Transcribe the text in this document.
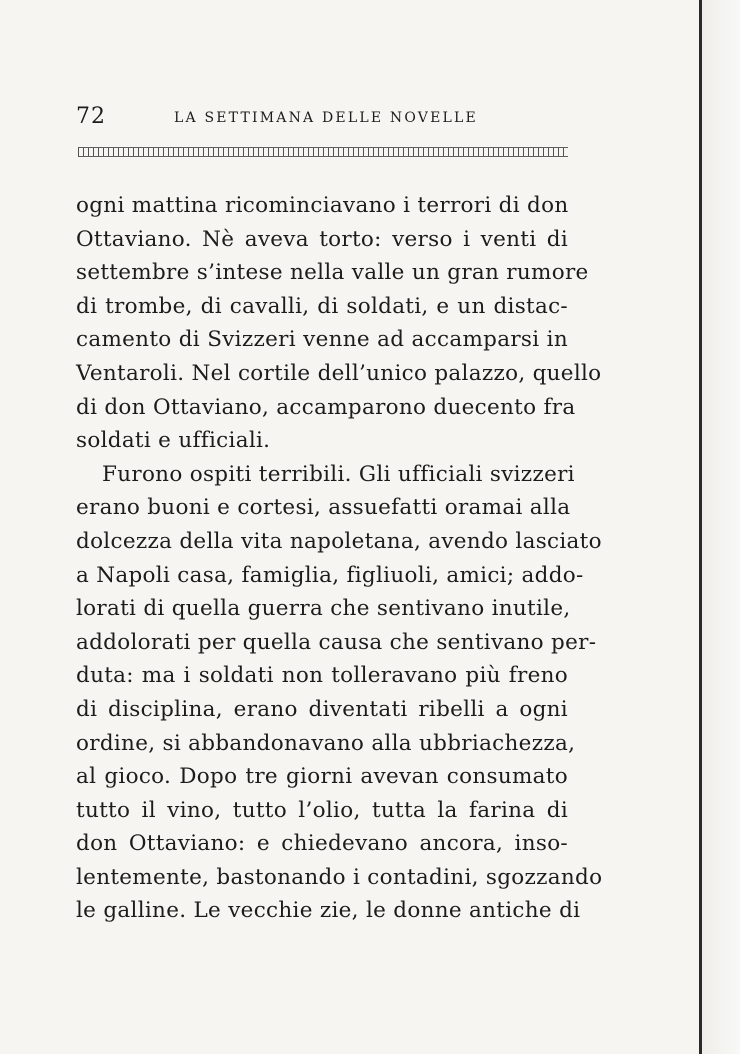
72	LA SETTIMANA DELLE NOVELLE
ogni mattina ricominciavano i terrori di don
Ottaviano. Nè aveva torto: verso i venti di
settembre s’intese nella valle un gran rumore
di trombe, di cavalli, di soldati, e un distac-
camento di Svizzeri venne ad accamparsi in
Ventaroli. Nel cortile dell’unico palazzo, quello
di don Ottaviano, accamparono duecento fra
soldati e ufficiali.
Furono ospiti terribili. Gli ufficiali svizzeri
erano buoni e cortesi, assuefatti oramai alla
dolcezza della vita napoletana, avendo lasciato
a Napoli casa, famiglia, figliuoli, amici; addo-
lorati di quella guerra che sentivano inutile,
addolorati per quella causa che sentivano per-
duta: ma i soldati non tolleravano più freno
di disciplina, erano diventati ribelli a ogni
ordine, si abbandonavano alla ubbriachezza,
al gioco. Dopo tre giorni avevan consumato
tutto il vino, tutto l’olio, tutta la farina di
don Ottaviano: e chiedevano ancora, inso-
lentemente, bastonando i contadini, sgozzando
le galline. Le vecchie zie, le donne antiche di
